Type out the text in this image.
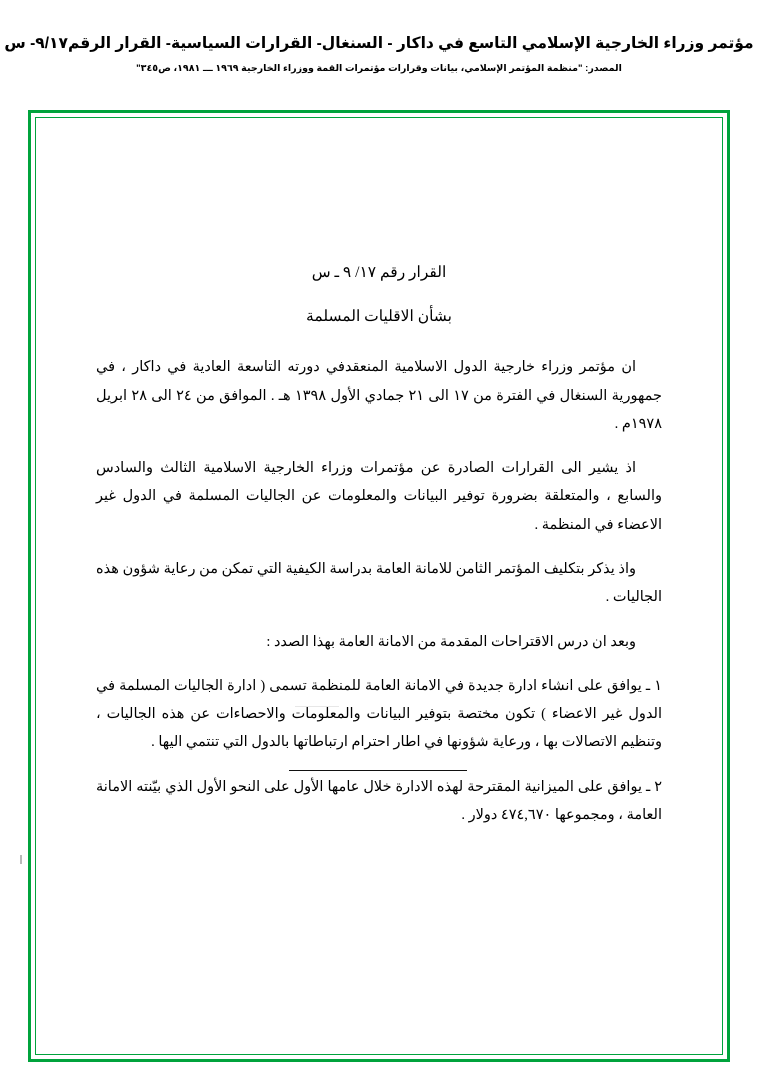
مؤتمر وزراء الخارجية الإسلامي التاسع في داكار - السنغال- القرارات السياسية- القرار الرقم٩/١٧- س
المصدر: "منظمة المؤتمر الإسلامي، بيانات وقرارات مؤتمرات القمة ووزراء الخارجية ١٩٦٩ ـــ ١٩٨١، ص٣٤٥"
القرار رقم ١٧/ ٩ ـ س
بشأن الاقليات المسلمة

ان مؤتمر وزراء خارجية الدول الاسلامية المنعقدفي دورته التاسعة العادية في داكار ، في جمهورية السنغال في الفترة من ١٧ الى ٢١ جمادي الأول ١٣٩٨ هـ . الموافق من ٢٤ الى ٢٨ ابريل ١٩٧٨م .

اذ يشير الى القرارات الصادرة عن مؤتمرات وزراء الخارجية الاسلامية الثالث والسادس والسابع ، والمتعلقة بضرورة توفير البيانات والمعلومات عن الجاليات المسلمة في الدول غير الاعضاء في المنظمة .

واذ يذكر بتكليف المؤتمر الثامن للامانة العامة بدراسة الكيفية التي تمكن من رعاية شؤون هذه الجاليات .

وبعد ان درس الاقتراحات المقدمة من الامانة العامة بهذا الصدد :

١ ـ يوافق على انشاء ادارة جديدة في الامانة العامة للمنظمة تسمى ( ادارة الجاليات المسلمة في الدول غير الاعضاء ) تكون مختصة بتوفير البيانات والمعلومات والاحصاءات عن هذه الجاليات ، وتنظيم الاتصالات بها ، ورعاية شؤونها في اطار احترام ارتباطاتها بالدول التي تنتمي اليها .

٢ ـ يوافق على الميزانية المقترحة لهذه الادارة خلال عامها الأول على النحو الأول الذي بيّنته الامانة العامة ، ومجموعها ٤٧٤,٦٧٠ دولار .
